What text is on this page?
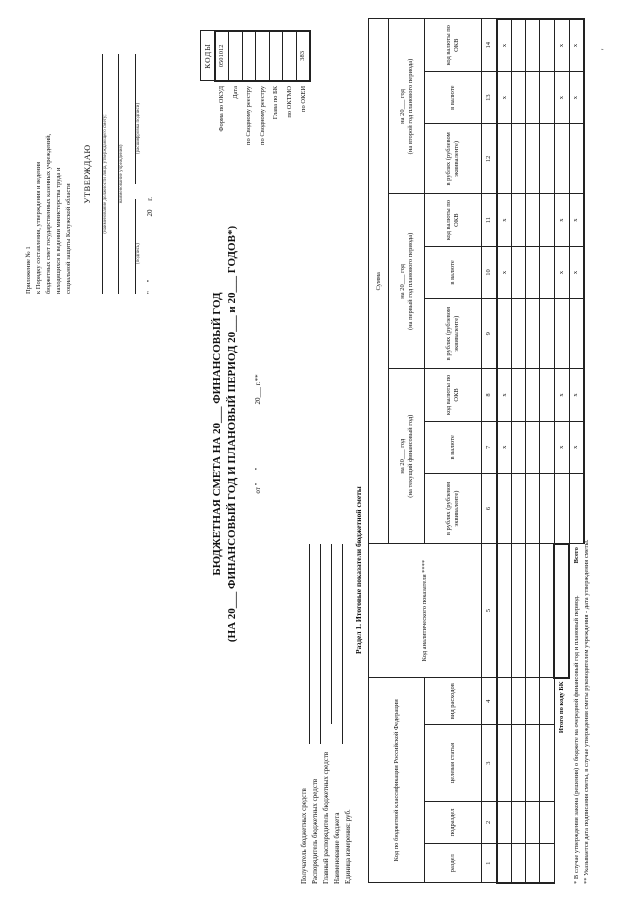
Приложение № 1 к Порядку составления, утверждения и ведения бюджетных смет государственных казенных учреждений, находящихся в ведении министерства труда и социальной защиты Калужской области

УТВЕРЖДАЮ (наименование должности лица, утверждающего смету; наименование учреждения)
(подпись)
(расшифровка подписи)
"     "                                    20     г.
БЮДЖЕТНАЯ СМЕТА НА 20___ ФИНАНСОВЫЙ ГОД (НА 20___ ФИНАНСОВЫЙ ГОД И ПЛАНОВЫЙ ПЕРИОД 20___ и 20___ ГОДОВ*) от "       "                                    20___ г.**
	КОДЫ
Форма по ОКУД	0501012
Дата	
по Сводному реестру	
по Сводному реестру	
Глава по БК	
по ОКТМО	
по ОКЕИ	383
Получатель бюджетных средств Распорядитель бюджетных средств Главный распорядитель бюджетных средств Наименование бюджета Единица измерения: руб.
Раздел 1. Итоговые показатели бюджетной сметы
Код по бюджетной классификации Российской Федерации				Код аналитического показателя ****	Сумма								
					на 20___ год
(на текущий финансовый год)			на 20___ год
(на первый год планового периода)			на 20___ год
(на второй год планового периода)		
раздел	подраздел	целевая статья	вид расходов		в рублях (рублевом эквиваленте)	в валюте	код валюты по ОКВ	в рублях (рублевом эквиваленте)	в валюте	код валюты по ОКВ	в рублях (рублевом эквиваленте)	в валюте	код валюты по ОКВ

1	2	3	4	5	6	7	8	9	10	11	12	13	14
						х	х		х	х		х	х

Итого по коду БК						х	х		х	х		х	х
				Всего		х	х		х	х		х	х

* В случае утверждения закона (решения) о бюджете на очередной финансовый год и плановый период. ** Указывается дата подписания сметы, в случае утверждения сметы руководителем учреждения - дата утверждения сметы.

'
